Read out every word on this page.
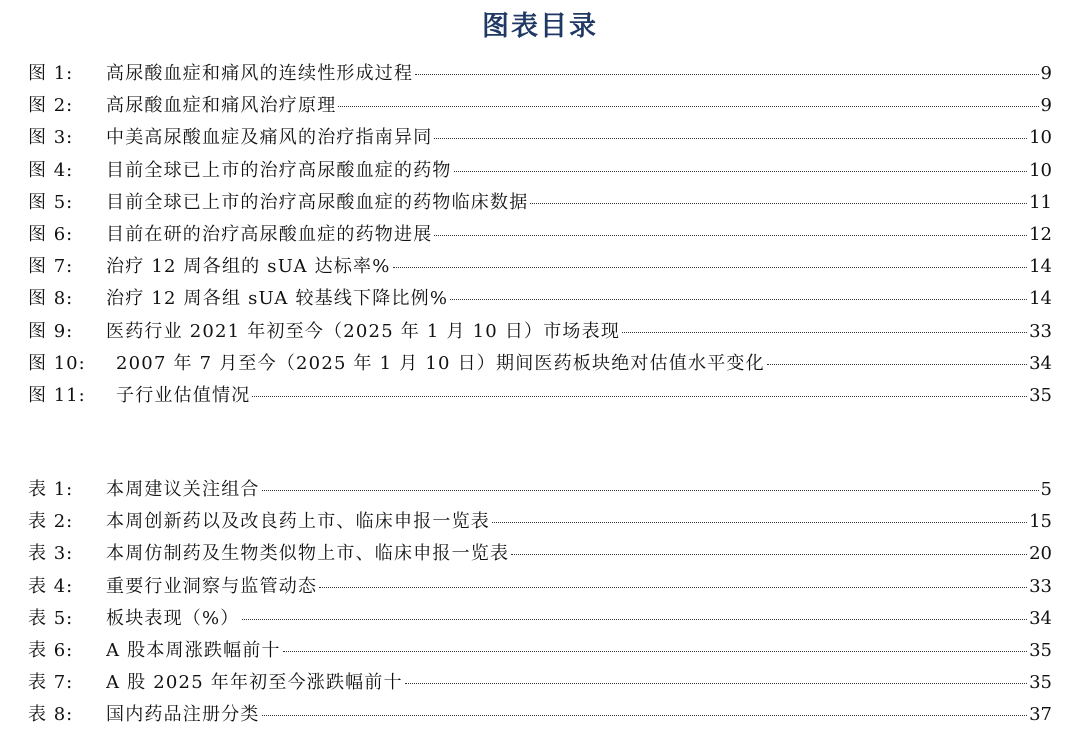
图表目录
图 1:	高尿酸血症和痛风的连续性形成过程	9
图 2:	高尿酸血症和痛风治疗原理	9
图 3:	中美高尿酸血症及痛风的治疗指南异同	10
图 4:	目前全球已上市的治疗高尿酸血症的药物	10
图 5:	目前全球已上市的治疗高尿酸血症的药物临床数据	11
图 6:	目前在研的治疗高尿酸血症的药物进展	12
图 7:	治疗 12 周各组的 sUA 达标率%	14
图 8:	治疗 12 周各组 sUA 较基线下降比例%	14
图 9:	医药行业 2021 年初至今（2025 年 1 月 10 日）市场表现	33
图 10:	2007 年 7 月至今（2025 年 1 月 10 日）期间医药板块绝对估值水平变化	34
图 11:	子行业估值情况	35
表 1:	本周建议关注组合	5
表 2:	本周创新药以及改良药上市、临床申报一览表	15
表 3:	本周仿制药及生物类似物上市、临床申报一览表	20
表 4:	重要行业洞察与监管动态	33
表 5:	板块表现（%）	34
表 6:	A 股本周涨跌幅前十	35
表 7:	A 股 2025 年年初至今涨跌幅前十	35
表 8:	国内药品注册分类	37
